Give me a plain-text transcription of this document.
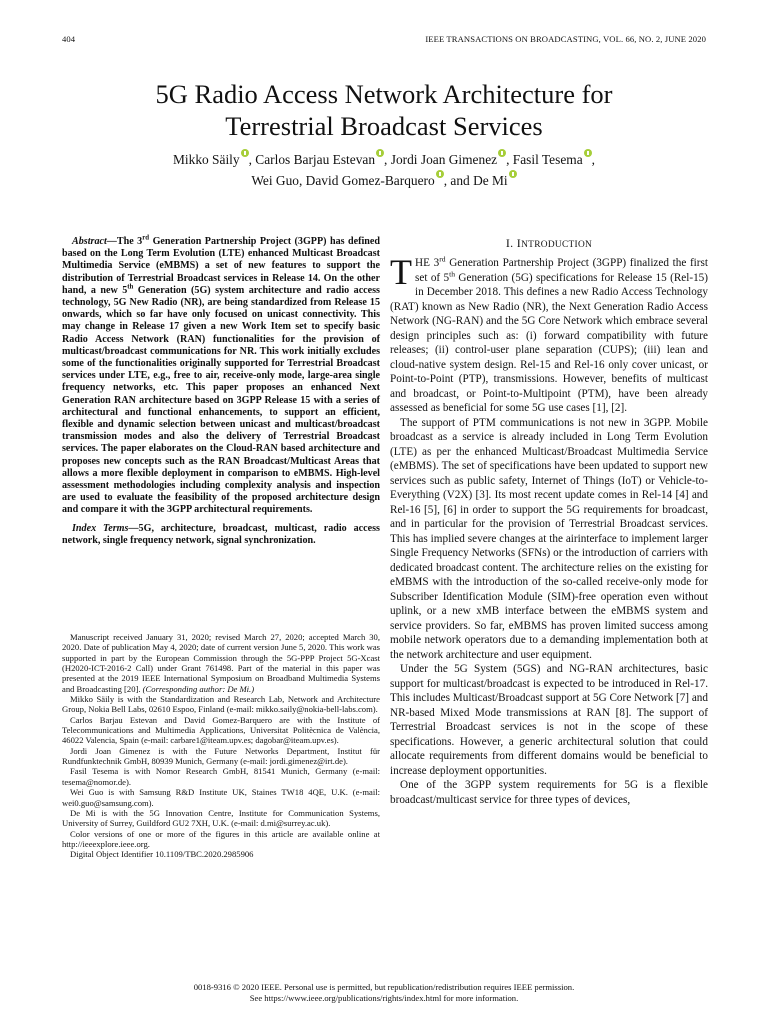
404	IEEE TRANSACTIONS ON BROADCASTING, VOL. 66, NO. 2, JUNE 2020
5G Radio Access Network Architecture for
Terrestrial Broadcast Services
Mikko Säily , Carlos Barjau Estevan , Jordi Joan Gimenez , Fasil Tesema ,
Wei Guo, David Gomez-Barquero , and De Mi

Abstract—The 3rd Generation Partnership Project (3GPP) has defined based on the Long Term Evolution (LTE) enhanced Multicast Broadcast Multimedia Service (eMBMS) a set of new features to support the distribution of Terrestrial Broadcast services in Release 14. On the other hand, a new 5th Generation (5G) system architecture and radio access technology, 5G New Radio (NR), are being standardized from Release 15 onwards, which so far have only focused on unicast connectivity. This may change in Release 17 given a new Work Item set to specify basic Radio Access Network (RAN) functionalities for the provision of multicast/broadcast communications for NR. This work initially excludes some of the functionalities originally supported for Terrestrial Broadcast services under LTE, e.g., free to air, receive-only mode, large-area single frequency networks, etc. This paper proposes an enhanced Next Generation RAN architecture based on 3GPP Release 15 with a series of architectural and functional enhancements, to support an efficient, flexible and dynamic selection between unicast and multicast/broadcast transmission modes and also the delivery of Terrestrial Broadcast services. The paper elaborates on the Cloud-RAN based architecture and proposes new concepts such as the RAN Broadcast/Multicast Areas that allows a more flexible deployment in comparison to eMBMS. High-level assessment methodologies including complexity analysis and inspection are used to evaluate the feasibility of the proposed architecture design and compare it with the 3GPP architectural requirements.

Index Terms—5G, architecture, broadcast, multicast, radio access network, single frequency network, signal synchronization.

Manuscript received January 31, 2020; revised March 27, 2020; accepted March 30, 2020. Date of publication May 4, 2020; date of current version June 5, 2020. This work was supported in part by the European Commission through the 5G-PPP Project 5G-Xcast (H2020-ICT-2016-2 Call) under Grant 761498. Part of the material in this paper was presented at the 2019 IEEE International Symposium on Broadband Multimedia Systems and Broadcasting [20]. (Corresponding author: De Mi.)

Mikko Säily is with the Standardization and Research Lab, Network and Architecture Group, Nokia Bell Labs, 02610 Espoo, Finland (e-mail: mikko.saily@nokia-bell-labs.com).

Carlos Barjau Estevan and David Gomez-Barquero are with the Institute of Telecommunications and Multimedia Applications, Universitat Politècnica de València, 46022 Valencia, Spain (e-mail: carbare1@iteam.upv.es; dagobar@iteam.upv.es).

Jordi Joan Gimenez is with the Future Networks Department, Institut für Rundfunktechnik GmbH, 80939 Munich, Germany (e-mail: jordi.gimenez@irt.de).

Fasil Tesema is with Nomor Research GmbH, 81541 Munich, Germany (e-mail: tesema@nomor.de).

Wei Guo is with Samsung R&D Institute UK, Staines TW18 4QE, U.K. (e-mail: wei0.guo@samsung.com).

De Mi is with the 5G Innovation Centre, Institute for Communication Systems, University of Surrey, Guildford GU2 7XH, U.K. (e-mail: d.mi@surrey.ac.uk).

Color versions of one or more of the figures in this article are available online at http://ieeexplore.ieee.org.

Digital Object Identifier 10.1109/TBC.2020.2985906

I. INTRODUCTION

THE 3rd Generation Partnership Project (3GPP) finalized the first set of 5th Generation (5G) specifications for Release 15 (Rel-15) in December 2018. This defines a new Radio Access Technology (RAT) known as New Radio (NR), the Next Generation Radio Access Network (NG-RAN) and the 5G Core Network which embrace several design principles such as: (i) forward compatibility with future releases; (ii) control-user plane separation (CUPS); (iii) lean and cloud-native system design. Rel-15 and Rel-16 only cover unicast, or Point-to-Point (PTP), transmissions. However, benefits of multicast and broadcast, or Point-to-Multipoint (PTM), have been already assessed as beneficial for some 5G use cases [1], [2].

The support of PTM communications is not new in 3GPP. Mobile broadcast as a service is already included in Long Term Evolution (LTE) as per the enhanced Multicast/Broadcast Multimedia Service (eMBMS). The set of specifications have been updated to support new services such as public safety, Internet of Things (IoT) or Vehicle-to-Everything (V2X) [3]. Its most recent update comes in Rel-14 [4] and Rel-16 [5], [6] in order to support the 5G requirements for broadcast, and in particular for the provision of Terrestrial Broadcast services. This has implied severe changes at the airinterface to implement larger Single Frequency Networks (SFNs) or the introduction of carriers with dedicated broadcast content. The architecture relies on the existing for eMBMS with the introduction of the so-called receive-only mode for Subscriber Identification Module (SIM)-free operation even without uplink, or a new xMB interface between the eMBMS system and service providers. So far, eMBMS has proven limited success among mobile network operators due to a demanding implementation both at the network architecture and user equipment.

Under the 5G System (5GS) and NG-RAN architectures, basic support for multicast/broadcast is expected to be introduced in Rel-17. This includes Multicast/Broadcast support at 5G Core Network [7] and NR-based Mixed Mode transmissions at RAN [8]. The support of Terrestrial Broadcast services is not in the scope of these specifications. However, a generic architectural solution that could allocate requirements from different domains would be beneficial to increase deployment opportunities.

One of the 3GPP system requirements for 5G is a flexible broadcast/multicast service for three types of devices,

0018-9316 © 2020 IEEE. Personal use is permitted, but republication/redistribution requires IEEE permission.
See https://www.ieee.org/publications/rights/index.html for more information.
